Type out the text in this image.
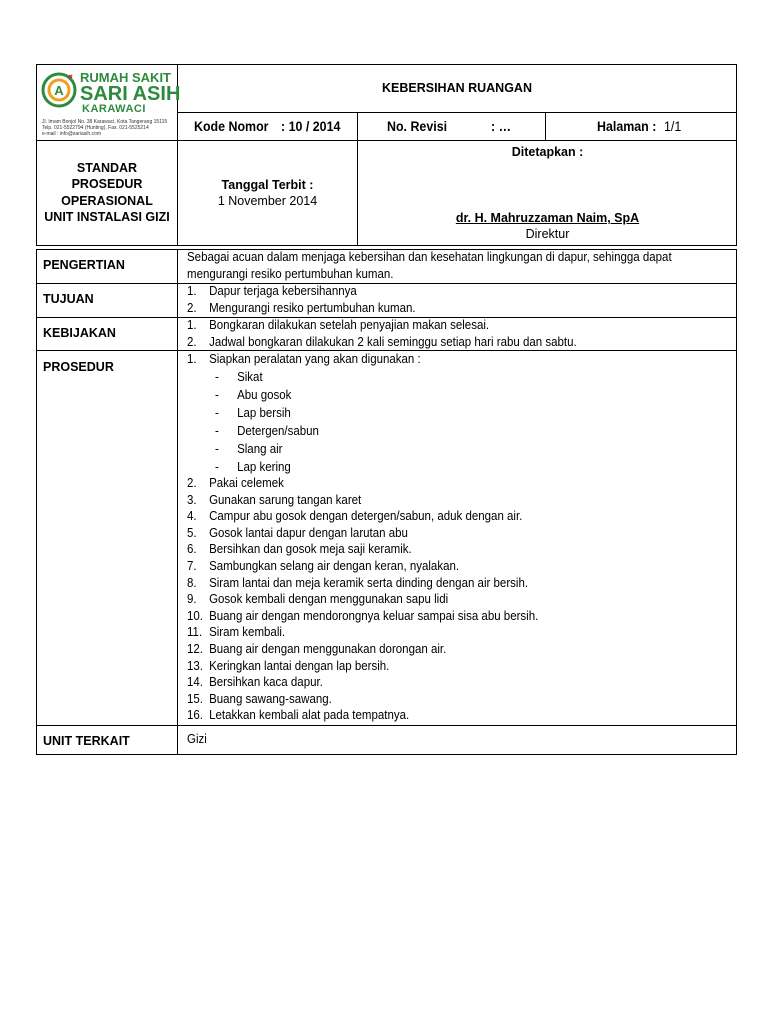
A
RUMAH SAKIT
SARI ASIH
KARAWACI
Jl. Imam Bonjol No. 38 Karawaci, Kota Tangerang 15115
Telp. 021-5522794 (Hunting), Fax. 021-5525214
e-mail : info@sariasih.com
KEBERSIHAN RUANGAN
Kode Nomor : 10 / 2014	No. Revisi	: …	Halaman : 1/1
STANDAR
PROSEDUR
OPERASIONAL
UNIT INSTALASI GIZI
Tanggal Terbit :
1 November 2014
Ditetapkan :
dr. H. Mahruzzaman Naim, SpA
Direktur
PENGERTIAN
Sebagai acuan dalam menjaga kebersihan dan kesehatan lingkungan di dapur, sehingga dapat
mengurangi resiko pertumbuhan kuman.
TUJUAN
1. Dapur terjaga kebersihannya
2. Mengurangi resiko pertumbuhan kuman.
KEBIJAKAN
1. Bongkaran dilakukan setelah penyajian makan selesai.
2. Jadwal bongkaran dilakukan 2 kali seminggu setiap hari rabu dan sabtu.
PROSEDUR
1. Siapkan peralatan yang akan digunakan :
- Sikat
- Abu gosok
- Lap bersih
- Detergen/sabun
- Slang air
- Lap kering
2. Pakai celemek
3. Gunakan sarung tangan karet
4. Campur abu gosok dengan detergen/sabun, aduk dengan air.
5. Gosok lantai dapur dengan larutan abu
6. Bersihkan dan gosok meja saji keramik.
7. Sambungkan selang air dengan keran, nyalakan.
8. Siram lantai dan meja keramik serta dinding dengan air bersih.
9. Gosok kembali dengan menggunakan sapu lidi
10. Buang air dengan mendorongnya keluar sampai sisa abu bersih.
11. Siram kembali.
12. Buang air dengan menggunakan dorongan air.
13. Keringkan lantai dengan lap bersih.
14. Bersihkan kaca dapur.
15. Buang sawang-sawang.
16. Letakkan kembali alat pada tempatnya.
UNIT TERKAIT	Gizi
